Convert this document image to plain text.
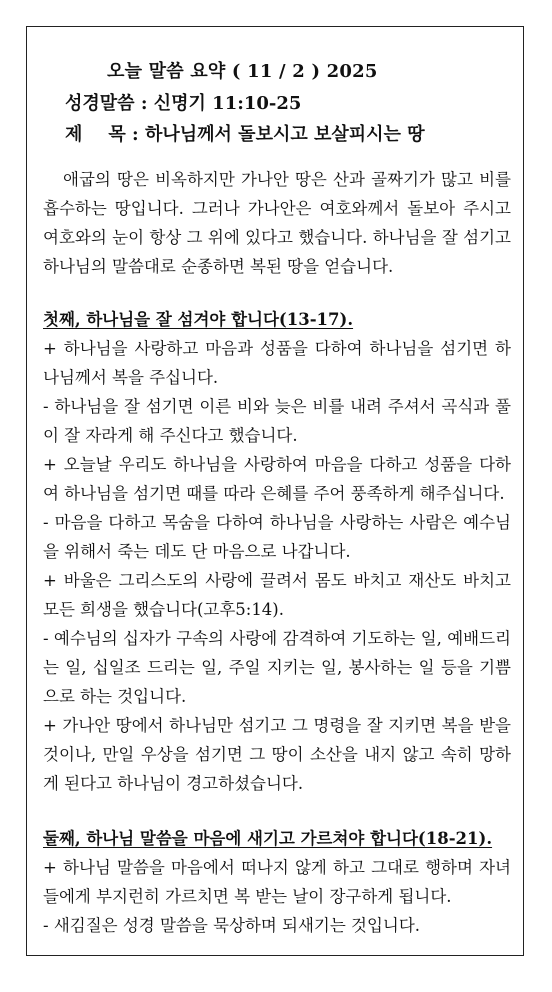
오늘 말씀 요약 ( 11 / 2 ) 2025
성경말씀 : 신명기 11:10-25
제 목 : 하나님께서 돌보시고 보살피시는 땅

애굽의 땅은 비옥하지만 가나안 땅은 산과 골짜기가 많고 비를 흡수하는 땅입니다. 그러나 가나안은 여호와께서 돌보아 주시고 여호와의 눈이 항상 그 위에 있다고 했습니다. 하나님을 잘 섬기고 하나님의 말씀대로 순종하면 복된 땅을 얻습니다.

첫째, 하나님을 잘 섬겨야 합니다(13-17).

+ 하나님을 사랑하고 마음과 성품을 다하여 하나님을 섬기면 하나님께서 복을 주십니다.

- 하나님을 잘 섬기면 이른 비와 늦은 비를 내려 주셔서 곡식과 풀이 잘 자라게 해 주신다고 했습니다.

+ 오늘날 우리도 하나님을 사랑하여 마음을 다하고 성품을 다하여 하나님을 섬기면 때를 따라 은혜를 주어 풍족하게 해주십니다.

- 마음을 다하고 목숨을 다하여 하나님을 사랑하는 사람은 예수님을 위해서 죽는 데도 단 마음으로 나갑니다.

+ 바울은 그리스도의 사랑에 끌려서 몸도 바치고 재산도 바치고 모든 희생을 했습니다(고후5:14).

- 예수님의 십자가 구속의 사랑에 감격하여 기도하는 일, 예배드리는 일, 십일조 드리는 일, 주일 지키는 일, 봉사하는 일 등을 기쁨으로 하는 것입니다.

+ 가나안 땅에서 하나님만 섬기고 그 명령을 잘 지키면 복을 받을 것이나, 만일 우상을 섬기면 그 땅이 소산을 내지 않고 속히 망하게 된다고 하나님이 경고하셨습니다.

둘째, 하나님 말씀을 마음에 새기고 가르쳐야 합니다(18-21).

+ 하나님 말씀을 마음에서 떠나지 않게 하고 그대로 행하며 자녀들에게 부지런히 가르치면 복 받는 날이 장구하게 됩니다.

- 새김질은 성경 말씀을 묵상하며 되새기는 것입니다.
